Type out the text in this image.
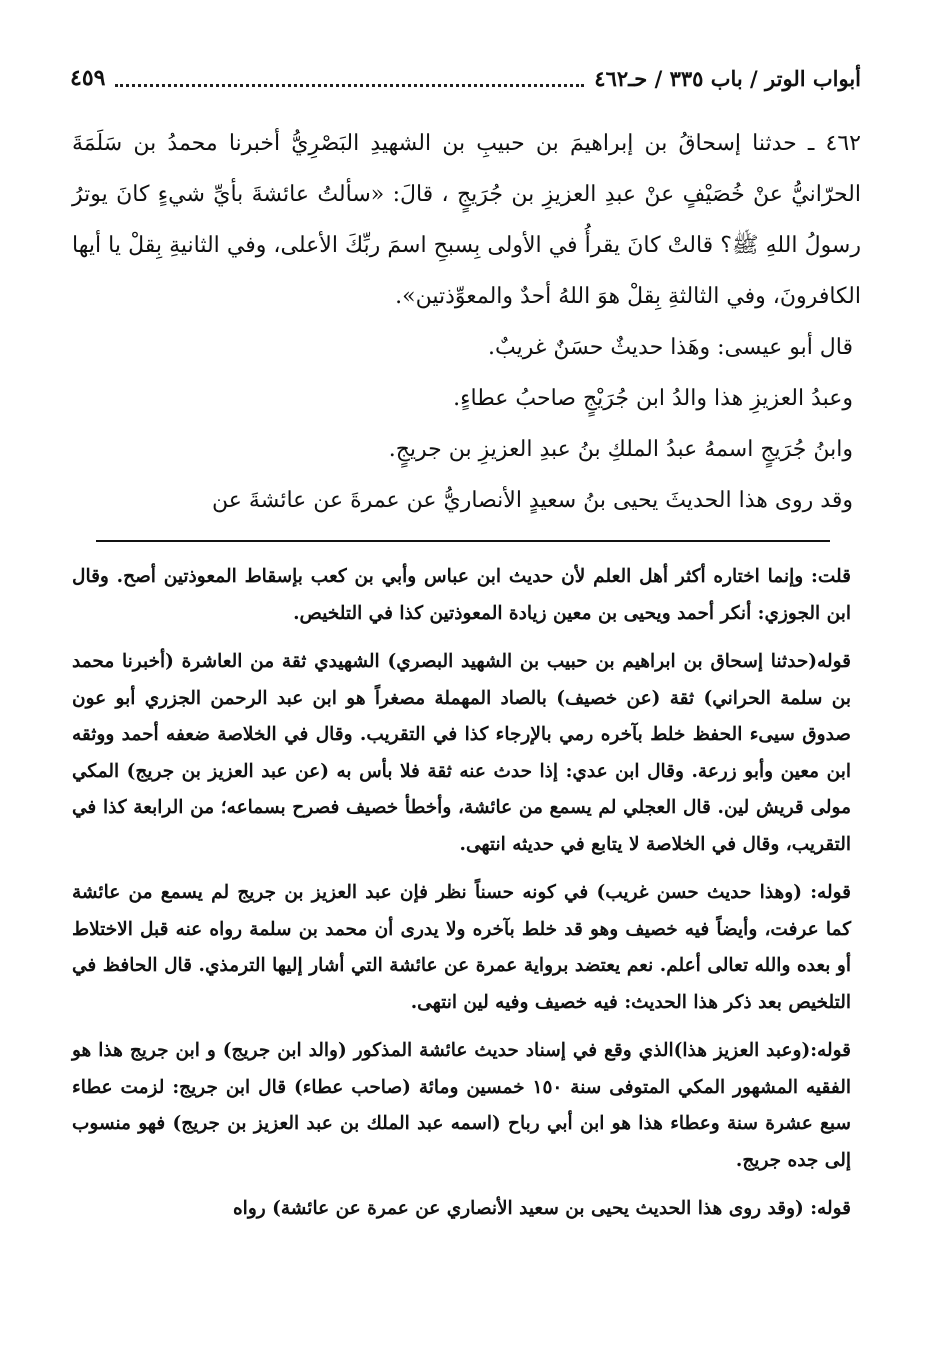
أبواب الوتر / باب ٣٣٥ / حـ٤٦٢
٤٥٩

٤٦٢ ـ حدثنا إسحاقُ بن إبراهيمَ بن حبيبِ بن الشهيدِ البَصْرِيُّ أخبرنا محمدُ بن سَلَمَةَ الحرّانيُّ عنْ خُصَيْفٍ عنْ عبدِ العزيزِ بن جُرَيجٍ ، قالَ: «سألتُ عائشةَ بأيِّ شيءٍ كانَ يوترُ رسولُ اللهِ ﷺ؟ قالتْ كانَ يقرأُ في الأولى بِسبحِ اسمَ ربِّكَ الأعلى، وفي الثانيةِ بِقلْ يا أيها الكافرونَ، وفي الثالثةِ بِقلْ هوَ اللهُ أحدٌ والمعوِّذتين».

قال أبو عيسى: وهَذا حديثٌ حسَنٌ غريبٌ.

وعبدُ العزيزِ هذا والدُ ابن جُرَيْجٍ صاحبُ عطاءٍ.

وابنُ جُرَيجٍ اسمهُ عبدُ الملكِ بنُ عبدِ العزيزِ بن جريجٍ.

وقد روى هذا الحديثَ يحيى بنُ سعيدٍ الأنصاريُّ عن عمرةَ عن عائشةَ عن

قلت: وإنما اختاره أكثر أهل العلم لأن حديث ابن عباس وأبي بن كعب بإسقاط المعوذتين أصح. وقال ابن الجوزي: أنكر أحمد ويحيى بن معين زيادة المعوذتين كذا في التلخيص.

قوله(حدثنا إسحاق بن ابراهيم بن حبيب بن الشهيد البصري) الشهيدي ثقة من العاشرة (أخبرنا محمد بن سلمة الحراني) ثقة (عن خصيف) بالصاد المهملة مصغراً هو ابن عبد الرحمن الجزري أبو عون صدوق سيىء الحفظ خلط بآخره رمي بالإرجاء كذا في التقريب. وقال في الخلاصة ضعفه أحمد ووثقه ابن معين وأبو زرعة. وقال ابن عدي: إذا حدث عنه ثقة فلا بأس به (عن عبد العزيز بن جريج) المكي مولى قريش لين. قال العجلي لم يسمع من عائشة، وأخطأ خصيف فصرح بسماعه؛ من الرابعة كذا في التقريب، وقال في الخلاصة لا يتابع في حديثه انتهى.

قوله: (وهذا حديث حسن غريب) في كونه حسناً نظر فإن عبد العزيز بن جريج لم يسمع من عائشة كما عرفت، وأيضاً فيه خصيف وهو قد خلط بآخره ولا يدرى أن محمد بن سلمة رواه عنه قبل الاختلاط أو بعده والله تعالى أعلم. نعم يعتضد برواية عمرة عن عائشة التي أشار إليها الترمذي. قال الحافظ في التلخيص بعد ذكر هذا الحديث: فيه خصيف وفيه لين انتهى.

قوله:(وعبد العزيز هذا)الذي وقع في إسناد حديث عائشة المذكور (والد ابن جريج) و ابن جريج هذا هو الفقيه المشهور المكي المتوفى سنة ١٥٠ خمسين ومائة (صاحب عطاء) قال ابن جريج: لزمت عطاء سبع عشرة سنة وعطاء هذا هو ابن أبي رباح (اسمه عبد الملك بن عبد العزيز بن جريج) فهو منسوب إلى جده جريج.

قوله: (وقد روى هذا الحديث يحيى بن سعيد الأنصاري عن عمرة عن عائشة) رواه
